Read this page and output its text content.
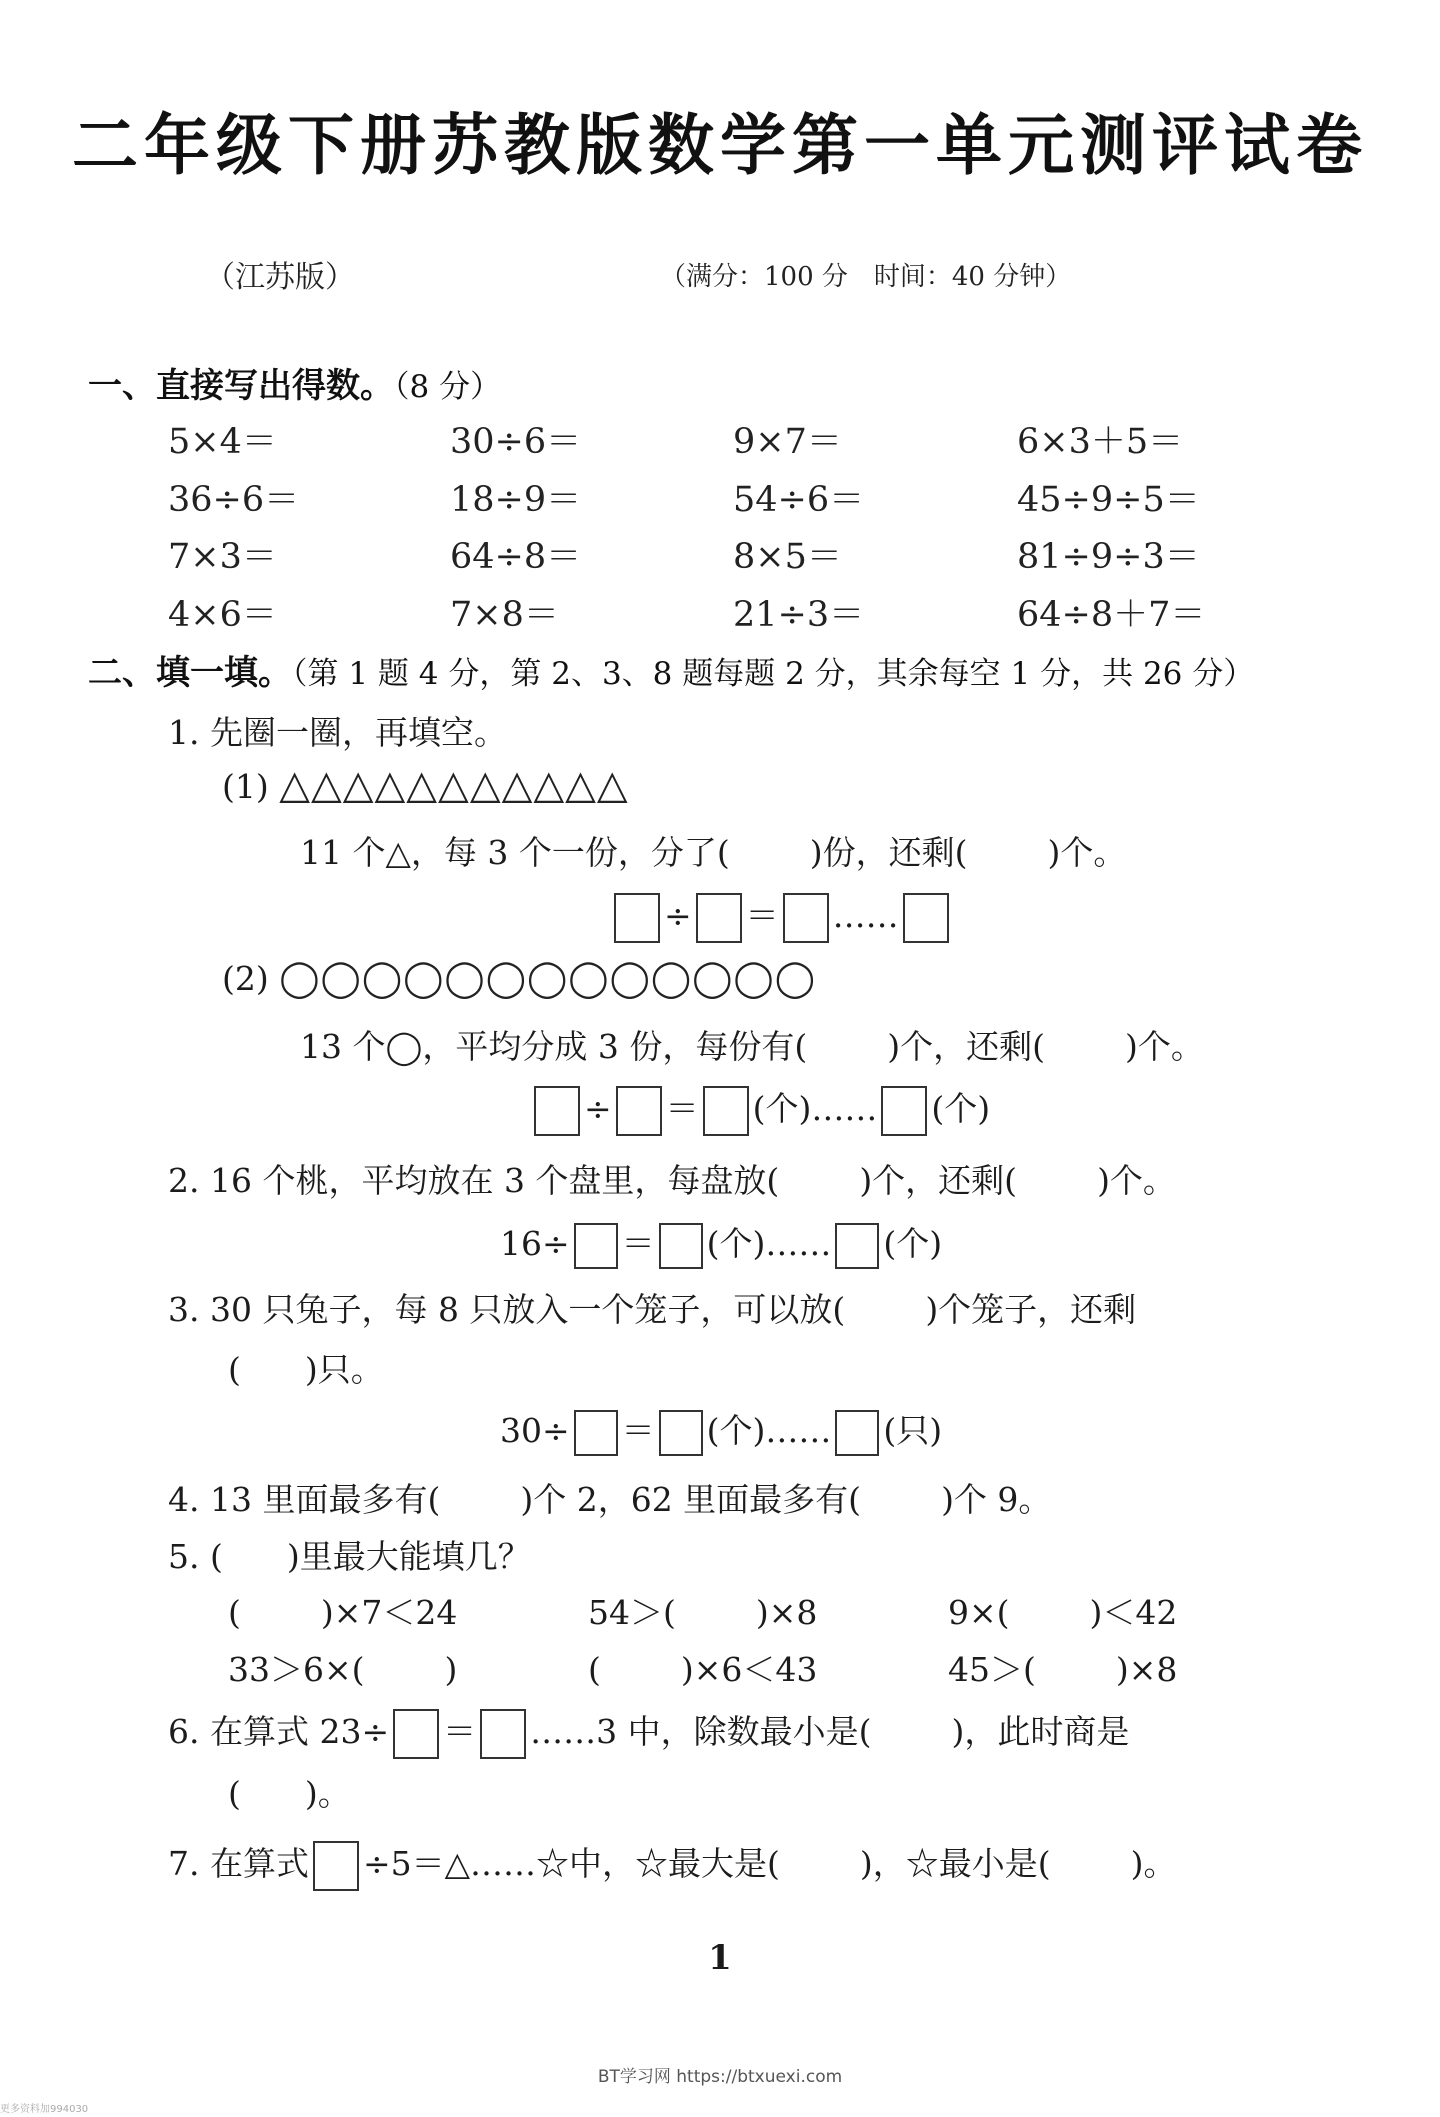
二年级下册苏教版数学第一单元测评试卷
（江苏版）	（满分：100 分　时间：40 分钟）
一、直接写出得数。（8 分）
5×4＝	30÷6＝	9×7＝	6×3＋5＝
36÷6＝	18÷9＝	54÷6＝	45÷9÷5＝
7×3＝	64÷8＝	8×5＝	81÷9÷3＝
4×6＝	7×8＝	21÷3＝	64÷8＋7＝
二、填一填。（第 1 题 4 分，第 2、3、8 题每题 2 分，其余每空 1 分，共 26 分）
1. 先圈一圈，再填空。
(1) △△△△△△△△△△△
11 个△，每 3 个一份，分了( )份，还剩( )个。
÷ ＝ ……
(2) ◯◯◯◯◯◯◯◯◯◯◯◯◯
13 个◯，平均分成 3 份，每份有( )个，还剩( )个。
÷ ＝ (个)…… (个)
2. 16 个桃，平均放在 3 个盘里，每盘放( )个，还剩( )个。
16÷ ＝ (个)…… (个)
3. 30 只兔子，每 8 只放入一个笼子，可以放( )个笼子，还剩
( )只。
30÷ ＝ (个)…… (只)
4. 13 里面最多有( )个 2，62 里面最多有( )个 9。
5. ( )里最大能填几？
( )×7＜24	54＞( )×8	9×( )＜42
33＞6×( )	( )×6＜43	45＞( )×8
6. 在算式 23÷ ＝ ……3 中，除数最小是( )，此时商是
( )。
7. 在算式 ÷5＝△……☆中，☆最大是( )，☆最小是( )。
1
BT学习网 https://btxuexi.com
更多资料加994030
